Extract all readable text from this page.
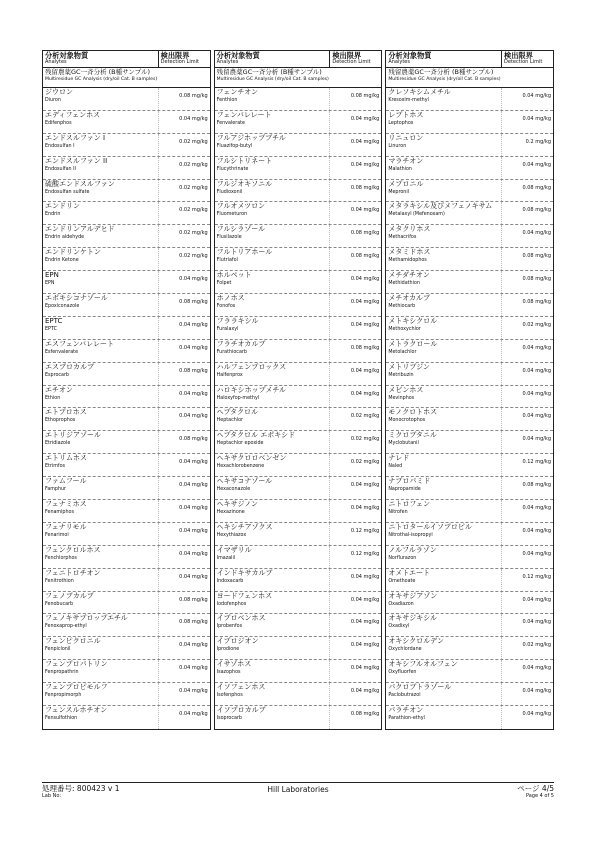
分析対象物質
Analytes
検出限界
Detection Limit
残留農薬GC一斉分析 (B種サンプル)
Multiresidue GC Analysis (dry/oil Cat. B samples)
ジウロン
Diuron
0.08 mg/kg
エディフェンホス
Edifenphos
0.04 mg/kg
エンドスルファン I
Endosulfan I
0.02 mg/kg
エンドスルファン II
Endosulfan II
0.02 mg/kg
硫酸エンドスルファン
Endosulfan sulfate
0.02 mg/kg
エンドリン
Endrin
0.02 mg/kg
エンドリンアルデヒド
Endrin aldehyde
0.02 mg/kg
エンドリンケトン
Endrin Ketone
0.02 mg/kg
EPN
EPN
0.04 mg/kg
エポキシコナゾール
Epoxiconazole
0.08 mg/kg
EPTC
EPTC
0.04 mg/kg
エスフェンバレレート
Esfenvalerate
0.04 mg/kg
エスプロカルブ
Esprocarb
0.08 mg/kg
エチオン
Ethion
0.04 mg/kg
エトプロホス
Ethoprophos
0.04 mg/kg
エトリジアゾール
Etridiazole
0.08 mg/kg
エトリムホス
Etrimfos
0.04 mg/kg
ファムフール
Famphur
0.04 mg/kg
フェナミホス
Fenamiphos
0.04 mg/kg
フェナリモル
Fenarimol
0.04 mg/kg
フェンクロルホス
Fenchlorphos
0.04 mg/kg
フェニトロチオン
Fenitrothion
0.04 mg/kg
フェノブカルブ
Fenobucarb
0.08 mg/kg
フェノキサプロップエチル
Fenoxaprop-ethyl
0.08 mg/kg
フェンピクロニル
Fenpiclonil
0.04 mg/kg
フェンプロパトリン
Fenpropathrin
0.04 mg/kg
フェンプロピモルフ
Fenpropimorph
0.04 mg/kg
フェンスルホチオン
Fensulfothion
0.04 mg/kg
分析対象物質
Analytes
検出限界
Detection Limit
残留農薬GC一斉分析 (B種サンプル)
Multiresidue GC Analysis (dry/oil Cat. B samples)
フェンチオン
Fenthion
0.08 mg/kg
フェンバレレート
Fenvalerate
0.04 mg/kg
フルアジホップブチル
Fluazifop-butyl
0.04 mg/kg
フルシトリネート
Flucythrinate
0.04 mg/kg
フルジオキソニル
Fludioxonil
0.08 mg/kg
フルオメツロン
Fluometuron
0.04 mg/kg
フルシラゾール
Flusilazole
0.08 mg/kg
フルトリアホール
Flutriafol
0.08 mg/kg
ホルペット
Folpet
0.04 mg/kg
ホノホス
Fonofos
0.04 mg/kg
フララキシル
Furalaxyl
0.04 mg/kg
フラチオカルブ
Furathiocarb
0.08 mg/kg
ハルフェンプロックス
Halfenprox
0.04 mg/kg
ハロキシホップメチル
Haloxyfop-methyl
0.04 mg/kg
ヘプタクロル
Heptachlor
0.02 mg/kg
ヘプタクロル エポキシド
Heptachlor epoxide
0.02 mg/kg
ヘキサクロロベンゼン
Hexachlorobenzene
0.02 mg/kg
ヘキサコナゾール
Hexaconazole
0.04 mg/kg
ヘキサジノン
Hexazinone
0.04 mg/kg
ヘキシチアゾクス
Hexythiazox
0.12 mg/kg
イマザリル
Imazalil
0.12 mg/kg
インドキサカルブ
Indoxacarb
0.04 mg/kg
ヨードフェンホス
Iodofenphos
0.04 mg/kg
イプロベンホス
Iprobenfos
0.04 mg/kg
イプロジオン
Iprodione
0.04 mg/kg
イサゾホス
Isazophos
0.04 mg/kg
イソフェンホス
Isofenphos
0.04 mg/kg
イソプロカルブ
Isoprocarb
0.08 mg/kg
分析対象物質
Analytes
検出限界
Detection Limit
残留農薬GC一斉分析 (B種サンプル)
Multiresidue GC Analysis (dry/oil Cat. B samples)
クレソキシムメチル
Kresoxim-methyl
0.04 mg/kg
レプトホス
Leptophos
0.04 mg/kg
リニュロン
Linuron
0.2 mg/kg
マラチオン
Malathion
0.04 mg/kg
メプロニル
Mepronil
0.08 mg/kg
メタラキシル及びメフェノキサム
Metalaxyl (Mefenoxam)
0.08 mg/kg
メタクリホス
Methacrifos
0.04 mg/kg
メタミドホス
Methamidophos
0.08 mg/kg
メチダチオン
Methidathion
0.08 mg/kg
メチオカルブ
Methiocarb
0.08 mg/kg
メトキシクロル
Methoxychlor
0.02 mg/kg
メトラクロール
Metolachlor
0.04 mg/kg
メトリブジン
Metribuzin
0.04 mg/kg
メビンホス
Mevinphos
0.04 mg/kg
モノクロトホス
Monocrotophos
0.04 mg/kg
ミクロブタニル
Myclobutanil
0.04 mg/kg
ナレド
Naled
0.12 mg/kg
ナプロパミド
Napropamide
0.08 mg/kg
ニトロフェン
Nitrofen
0.04 mg/kg
ニトロタールイソプロピル
Nitrothal-isopropyl
0.04 mg/kg
ノルフルラゾン
Norflurazon
0.04 mg/kg
オメトエート
Omethoate
0.12 mg/kg
オキサジアゾン
Oxadiazon
0.04 mg/kg
オキサジキシル
Oxadixyl
0.04 mg/kg
オキシクロルデン
Oxychlordane
0.02 mg/kg
オキシフルオルフェン
Oxyfluorfen
0.04 mg/kg
パクロブトラゾール
Paclobutrazol
0.04 mg/kg
パラチオン
Parathion-ethyl
0.04 mg/kg
処理番号: 800423 v 1
Lab No:
Hill Laboratories	ページ 4/5
Page 4 of 5
